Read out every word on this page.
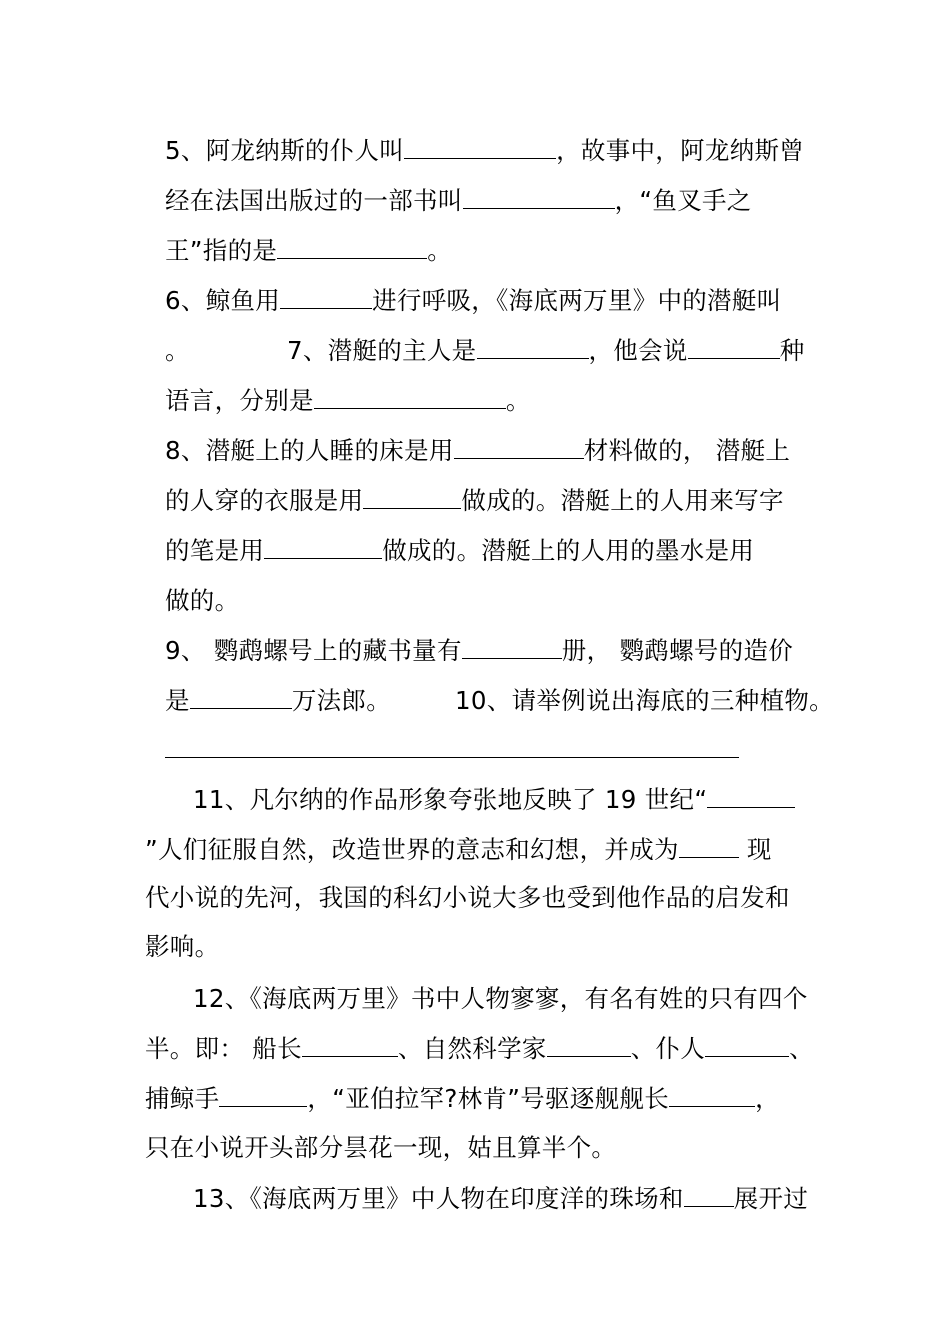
5、阿龙纳斯的仆人叫	，故事中，阿龙纳斯曾
经在法国出版过的一部书叫	，“鱼叉手之
王”指的是	。
6、鲸鱼用	进行呼吸，《海底两万里》中的潜艇叫
。	7、潜艇的主人是	，他会说	种
语言，分别是	。
8、潜艇上的人睡的床是用	材料做的， 潜艇上
的人穿的衣服是用	做成的。潜艇上的人用来写字
的笔是用	做成的。潜艇上的人用的墨水是用
做的。
9、 鹦鹉螺号上的藏书量有	册， 鹦鹉螺号的造价
是	万法郎。	10、请举例说出海底的三种植物。
11、凡尔纳的作品形象夸张地反映了 19 世纪“
”人们征服自然，改造世界的意志和幻想，并成为 现
代小说的先河，我国的科幻小说大多也受到他作品的启发和
影响。
12、《海底两万里》书中人物寥寥，有名有姓的只有四个
半。即： 船长	、自然科学家	、仆人	、
捕鲸手	，“亚伯拉罕?林肯”号驱逐舰舰长	，
只在小说开头部分昙花一现，姑且算半个。
13、《海底两万里》中人物在印度洋的珠场和 展开过
